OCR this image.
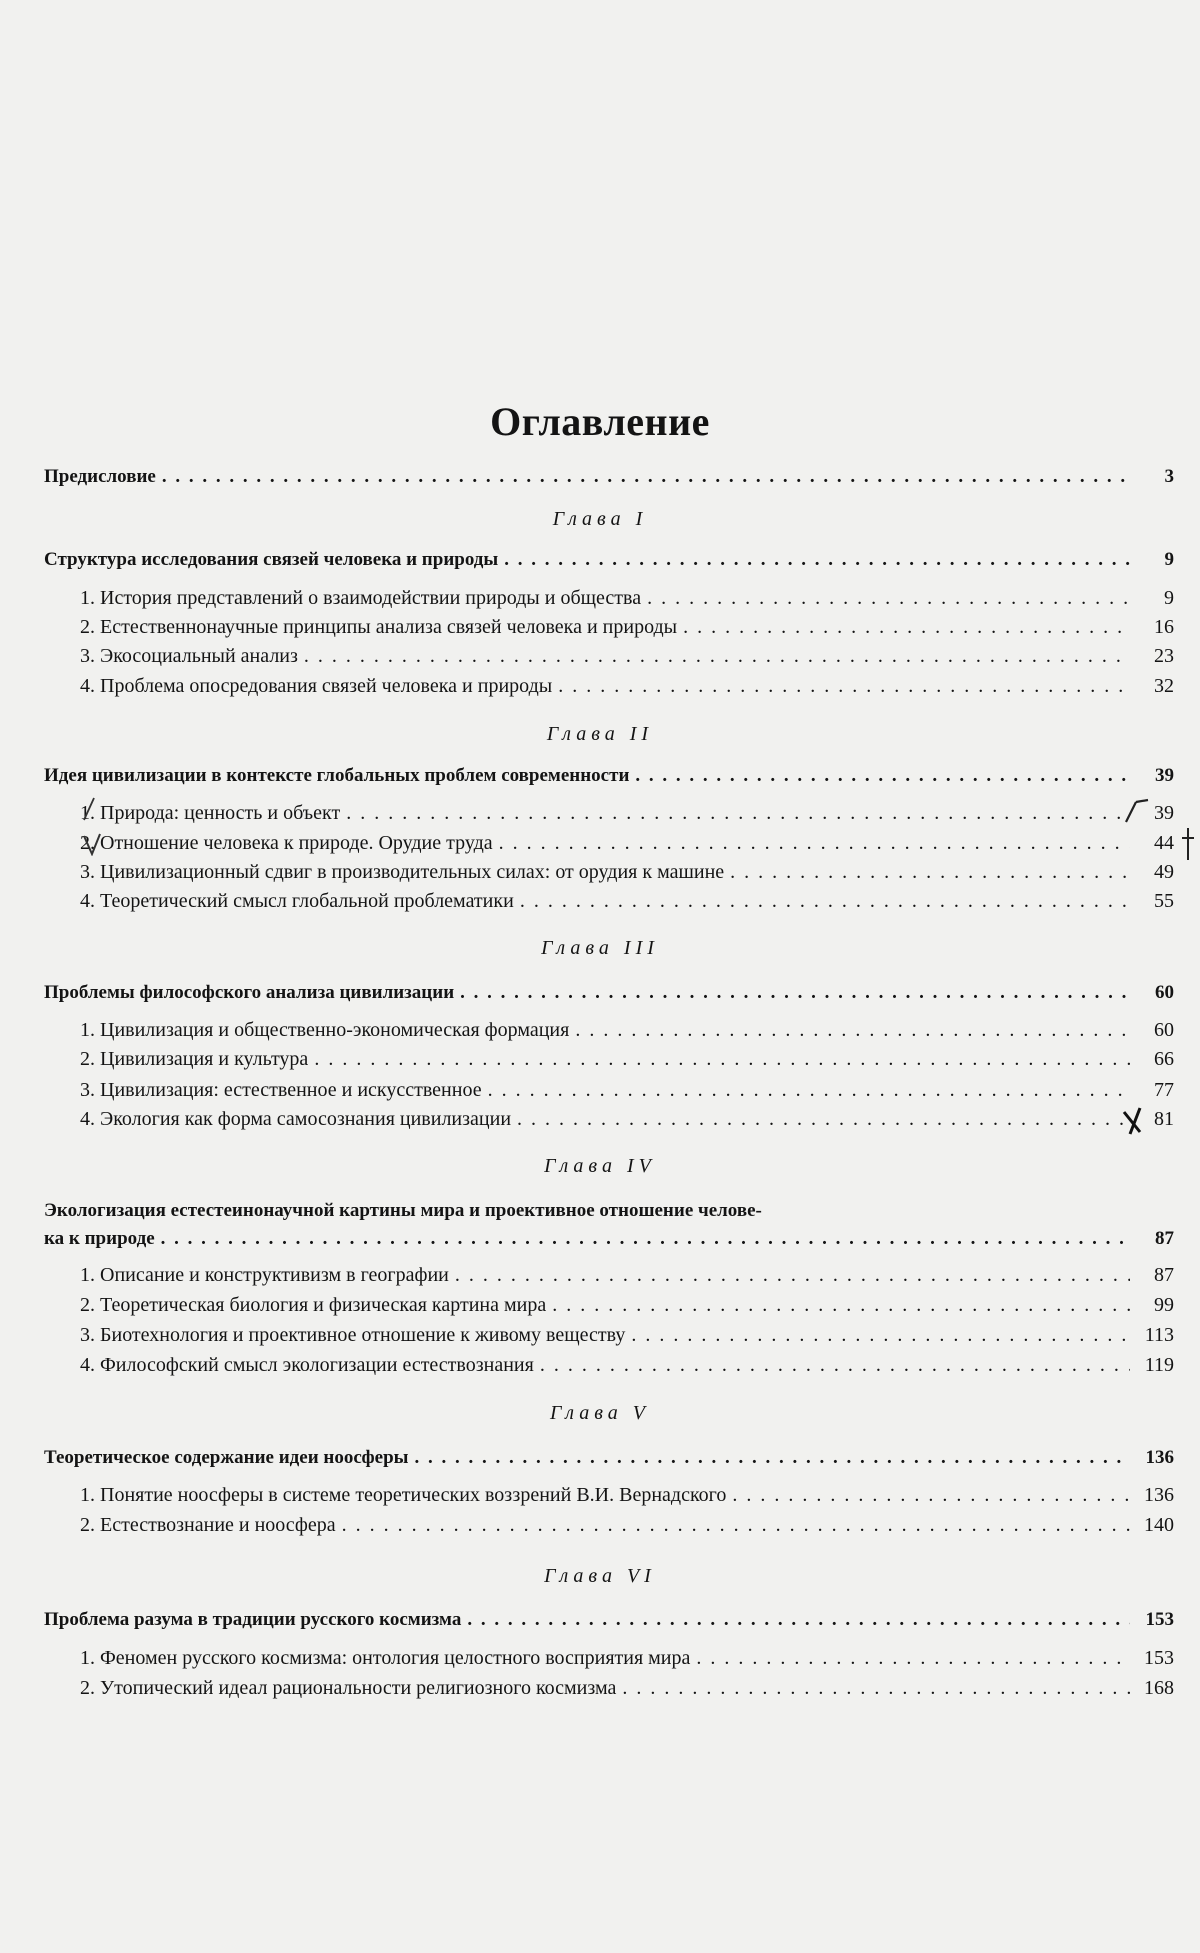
Оглавление
Предисловие . . .	3
Глава I
Структура исследования связей человека и природы . . .	9
1. История представлений о взаимодействии природы и общества . . .	9
2. Естественнонаучные принципы анализа связей человека и природы . . .	16
3. Экосоциальный анализ . . .	23
4. Проблема опосредования связей человека и природы . . .	32
Глава II
Идея цивилизации в контексте глобальных проблем современности . . .	39
1. Природа: ценность и объект . . .	39
2. Отношение человека к природе. Орудие труда . . .	44
3. Цивилизационный сдвиг в производительных силах: от орудия к машине . . .	49
4. Теоретический смысл глобальной проблематики . . .	55
Глава III
Проблемы философского анализа цивилизации . . .	60
1. Цивилизация и общественно-экономическая формация . . .	60
2. Цивилизация и культура . . .	66
3. Цивилизация: естественное и искусственное . . .	77
4. Экология как форма самосознания цивилизации . . .	81
Глава IV
Экологизация естестеинонаучной картины мира и проективное отношение челове-
ка к природе . . .	87
1. Описание и конструктивизм в географии . . .	87
2. Теоретическая биология и физическая картина мира . . .	99
3. Биотехнология и проективное отношение к живому веществу . . .	113
4. Философский смысл экологизации естествознания . . .	119
Глава V
Теоретическое содержание идеи ноосферы . . .	136
1. Понятие ноосферы в системе теоретических воззрений В.И. Вернадского . . .	136
2. Естествознание и ноосфера . . .	140
Глава VI
Проблема разума в традиции русского космизма . . .	153
1. Феномен русского космизма: онтология целостного восприятия мира . . .	153
2. Утопический идеал рациональности религиозного космизма . . .	168
